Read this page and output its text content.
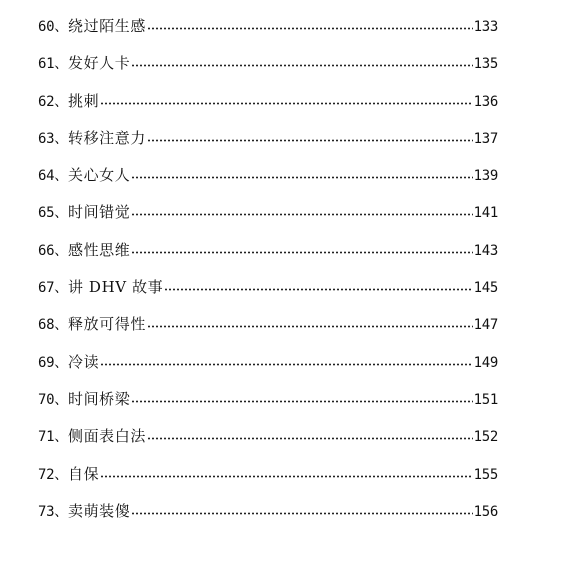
60、 绕过陌生感	133
61、 发好人卡	135
62、 挑刺	136
63、 转移注意力	137
64、 关心女人	139
65、 时间错觉	141
66、 感性思维	143
67、 讲 DHV 故事	145
68、 释放可得性	147
69、 冷读	149
70、 时间桥梁	151
71、 侧面表白法	152
72、 自保	155
73、 卖萌装傻	156
